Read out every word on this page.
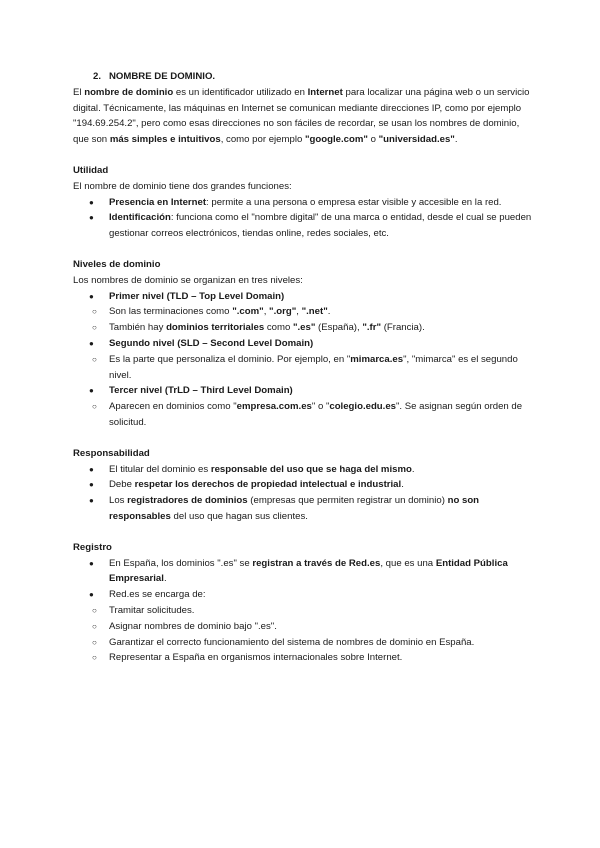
2. NOMBRE DE DOMINIO.

El nombre de dominio es un identificador utilizado en Internet para localizar una página web o un servicio digital. Técnicamente, las máquinas en Internet se comunican mediante direcciones IP, como por ejemplo "194.69.254.2", pero como esas direcciones no son fáciles de recordar, se usan los nombres de dominio, que son más simples e intuitivos, como por ejemplo "google.com" o "universidad.es".

Utilidad

El nombre de dominio tiene dos grandes funciones:

● Presencia en Internet: permite a una persona o empresa estar visible y accesible en la red.
● Identificación: funciona como el "nombre digital" de una marca o entidad, desde el cual se pueden gestionar correos electrónicos, tiendas online, redes sociales, etc.

Niveles de dominio

Los nombres de dominio se organizan en tres niveles:

● Primer nivel (TLD – Top Level Domain)
○ Son las terminaciones como ".com", ".org", ".net".
○ También hay dominios territoriales como ".es" (España), ".fr" (Francia).
● Segundo nivel (SLD – Second Level Domain)
○ Es la parte que personaliza el dominio. Por ejemplo, en "mimarca.es", "mimarca" es el segundo nivel.
● Tercer nivel (TrLD – Third Level Domain)
○ Aparecen en dominios como "empresa.com.es" o "colegio.edu.es". Se asignan según orden de solicitud.

Responsabilidad

● El titular del dominio es responsable del uso que se haga del mismo.
● Debe respetar los derechos de propiedad intelectual e industrial.
● Los registradores de dominios (empresas que permiten registrar un dominio) no son responsables del uso que hagan sus clientes.

Registro

● En España, los dominios ".es" se registran a través de Red.es, que es una Entidad Pública Empresarial.
● Red.es se encarga de:
○ Tramitar solicitudes.
○ Asignar nombres de dominio bajo ".es".
○ Garantizar el correcto funcionamiento del sistema de nombres de dominio en España.
○ Representar a España en organismos internacionales sobre Internet.
